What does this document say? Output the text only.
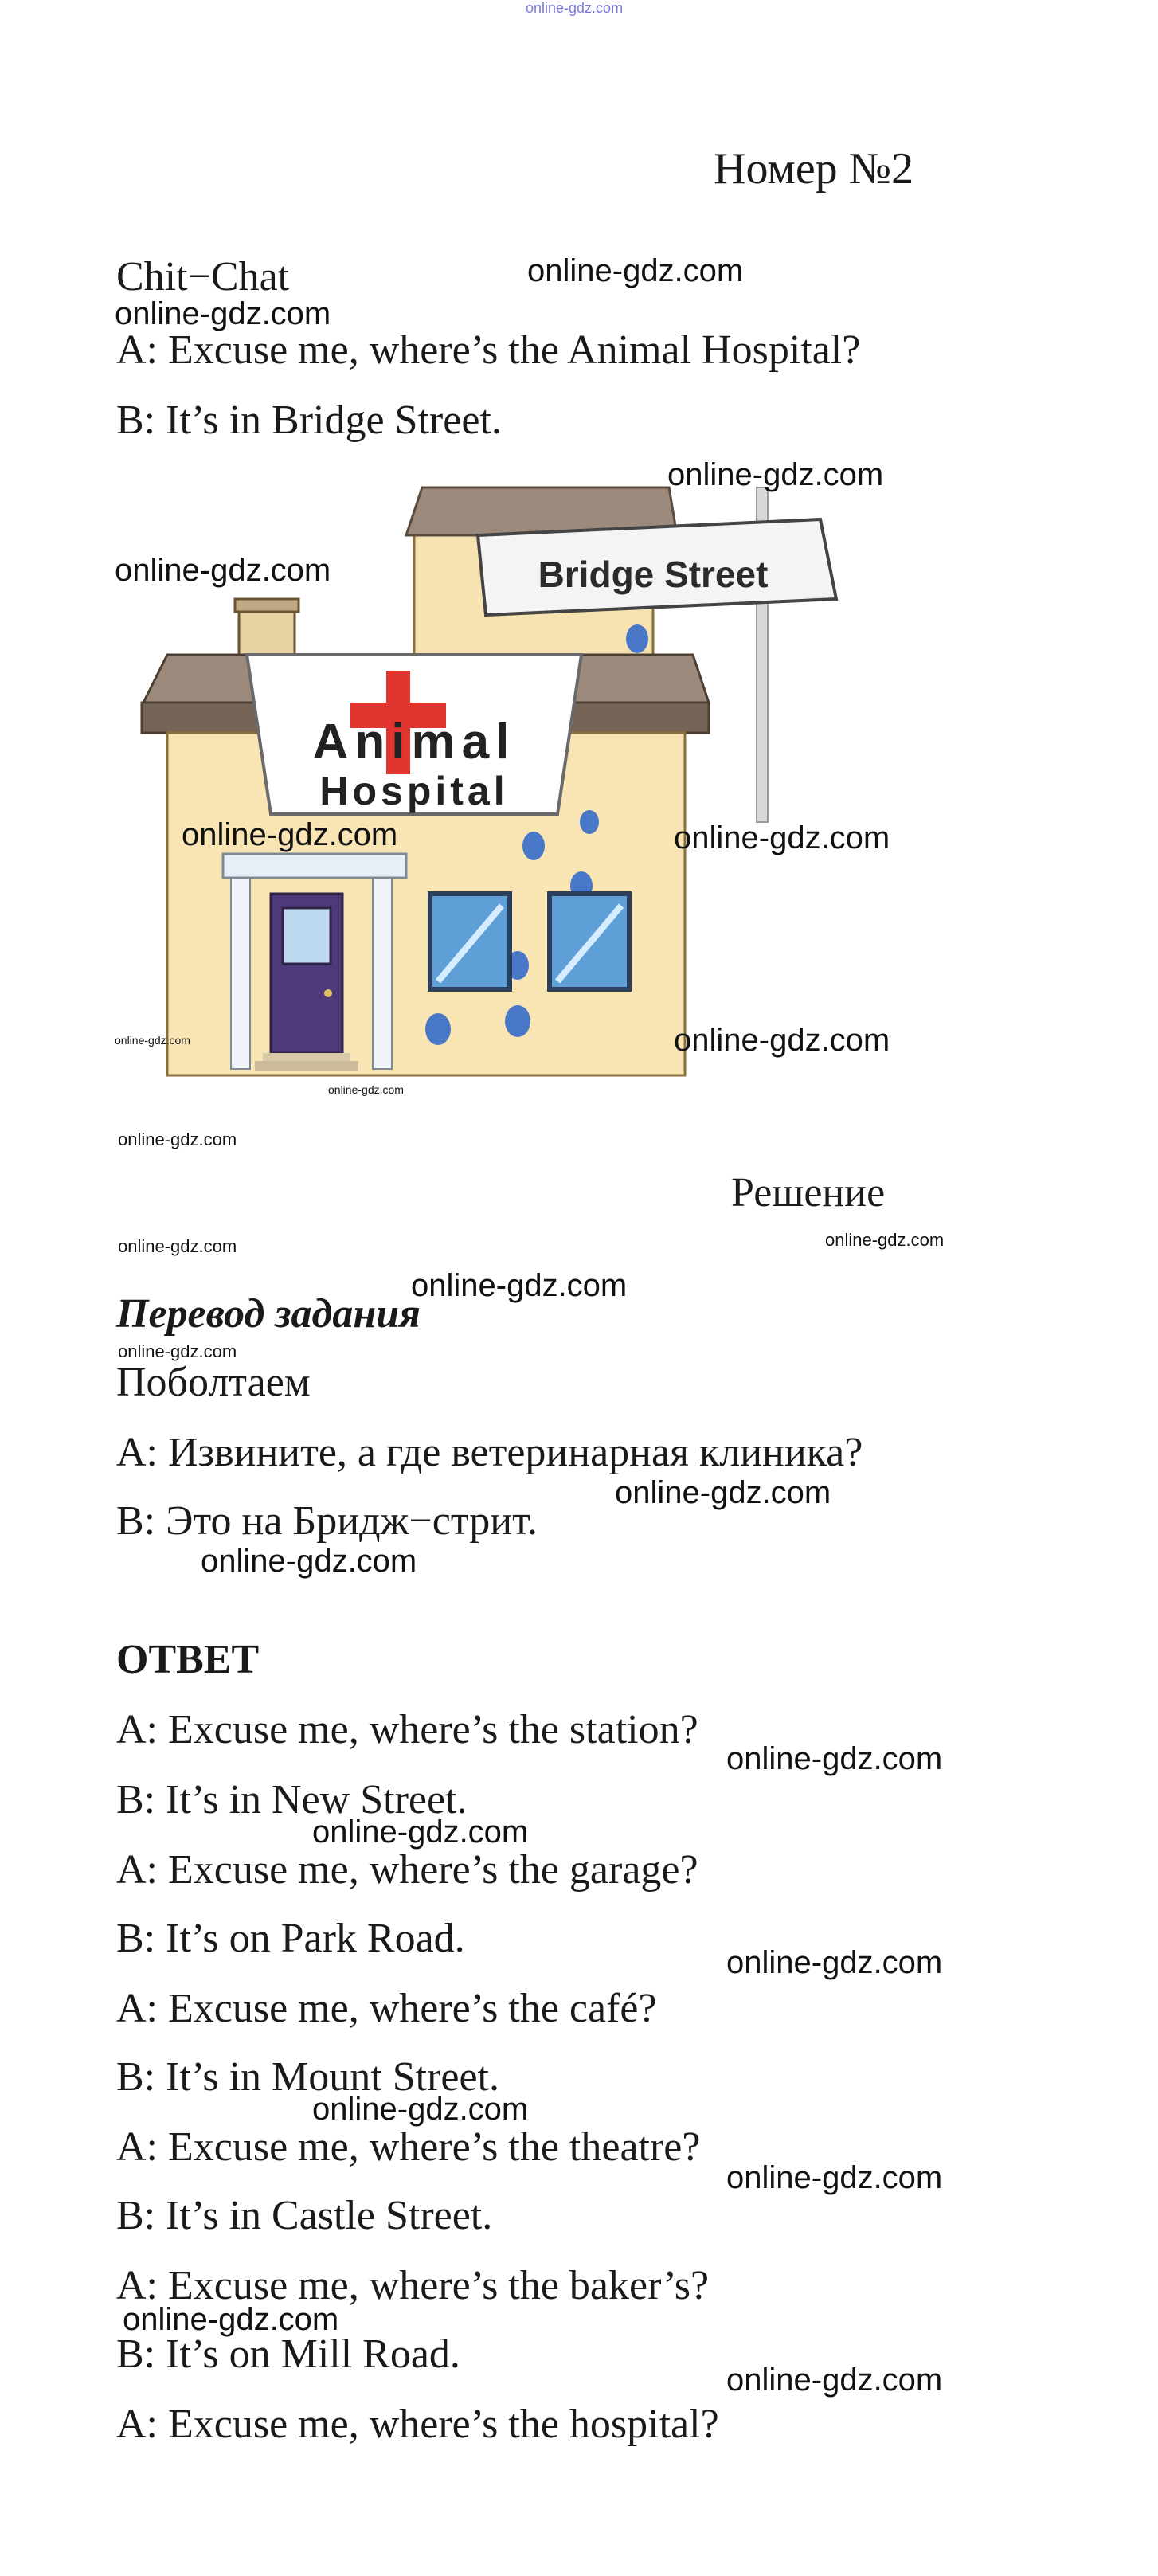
online-gdz.com
Номер №2
Chit−Chat
A: Excuse me, where’s the Animal Hospital?
B: It’s in Bridge Street.
Animal
Hospital
Bridge Street
Решение
Перевод задания
Поболтаем
A: Извините, а где ветеринарная клиника?
B: Это на Бридж−стрит.
ОТВЕТ
A: Excuse me, where’s the station?
B: It’s in New Street.
A: Excuse me, where’s the garage?
B: It’s on Park Road.
A: Excuse me, where’s the café?
B: It’s in Mount Street.
A: Excuse me, where’s the theatre?
B: It’s in Castle Street.
A: Excuse me, where’s the baker’s?
B: It’s on Mill Road.
A: Excuse me, where’s the hospital?
online-gdz.com
online-gdz.com
online-gdz.com
online-gdz.com
online-gdz.com	online-gdz.com
online-gdz.com
online-gdz.com
online-gdz.com
online-gdz.com
online-gdz.com
online-gdz.com
online-gdz.com
online-gdz.com
online-gdz.com
online-gdz.com
online-gdz.com
online-gdz.com
online-gdz.com
online-gdz.com
online-gdz.com
online-gdz.com
online-gdz.com
